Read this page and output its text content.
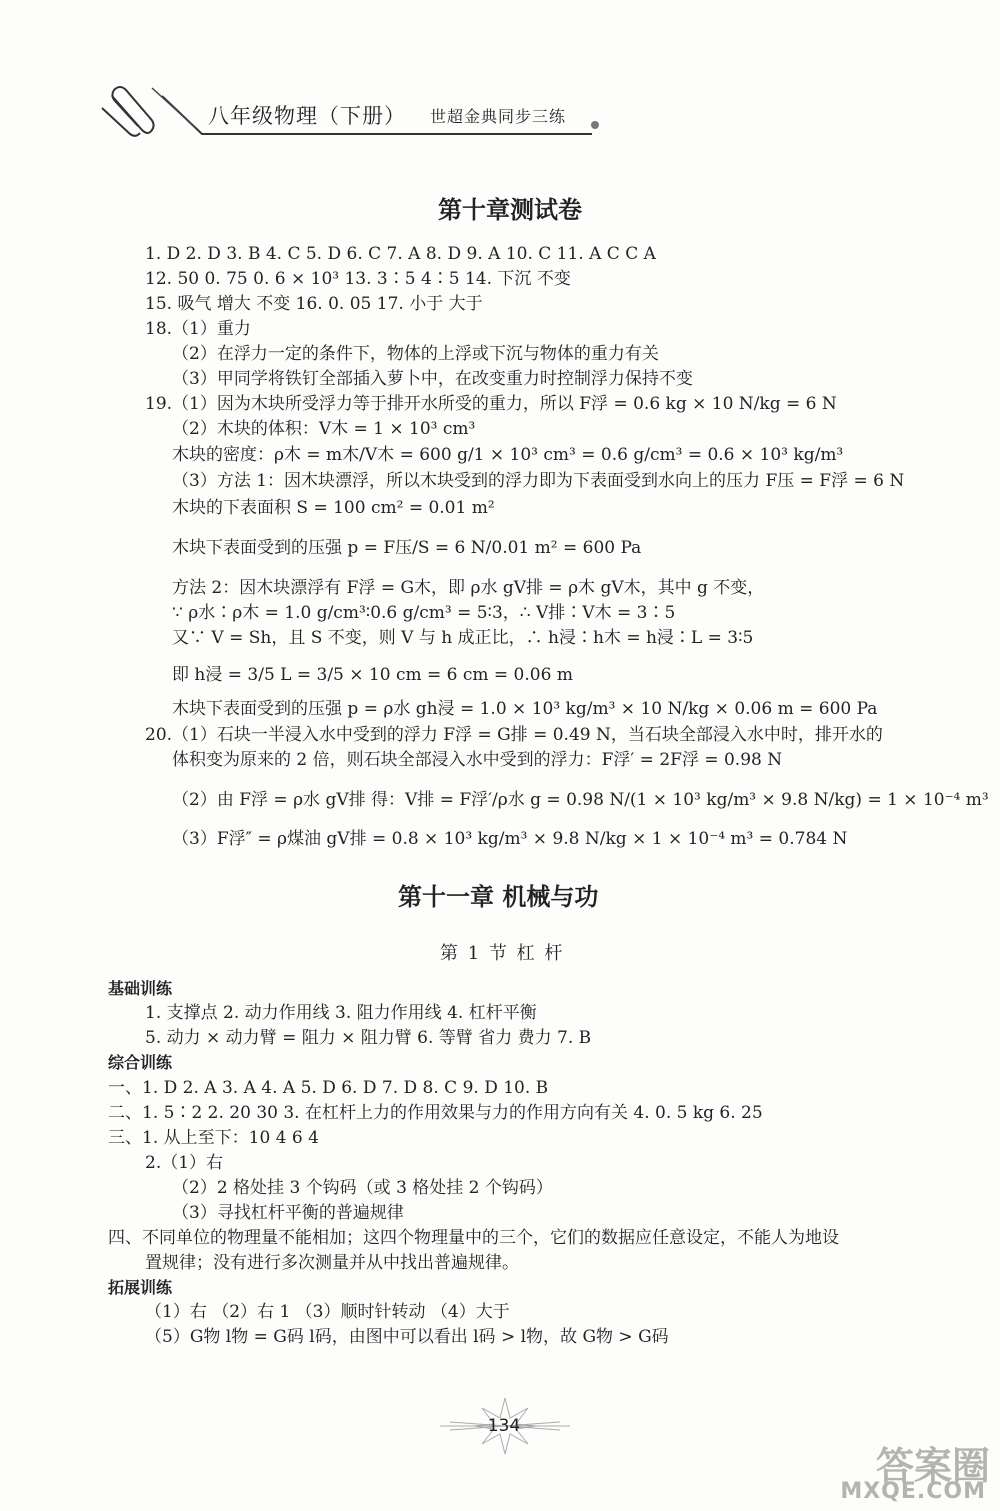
八年级物理（下册） 世超金典同步三练
第十章测试卷
1. D 2. D 3. B 4. C 5. D 6. C 7. A 8. D 9. A 10. C 11. A C C A
12. 50 0. 75 0. 6 × 10³ 13. 3∶5 4∶5 14. 下沉 不变
15. 吸气 增大 不变 16. 0. 05 17. 小于 大于
18.（1）重力
（2）在浮力一定的条件下，物体的上浮或下沉与物体的重力有关
（3）甲同学将铁钉全部插入萝卜中，在改变重力时控制浮力保持不变
19.（1）因为木块所受浮力等于排开水所受的重力，所以 F浮 = 0.6 kg × 10 N/kg = 6 N
（2）木块的体积：V木 = 1 × 10³ cm³
木块的密度：ρ木 = m木/V木 = 600 g/1 × 10³ cm³ = 0.6 g/cm³ = 0.6 × 10³ kg/m³
（3）方法 1：因木块漂浮，所以木块受到的浮力即为下表面受到水向上的压力 F压 = F浮 = 6 N
木块的下表面积 S = 100 cm² = 0.01 m²
木块下表面受到的压强 p = F压/S = 6 N/0.01 m² = 600 Pa
方法 2：因木块漂浮有 F浮 = G木，即 ρ水 gV排 = ρ木 gV木，其中 g 不变，
∵ ρ水∶ρ木 = 1.0 g/cm³∶0.6 g/cm³ = 5∶3，∴ V排∶V木 = 3∶5
又∵ V = Sh，且 S 不变，则 V 与 h 成正比，∴ h浸∶h木 = h浸∶L = 3∶5
即 h浸 = 3/5 L = 3/5 × 10 cm = 6 cm = 0.06 m
木块下表面受到的压强 p = ρ水 gh浸 = 1.0 × 10³ kg/m³ × 10 N/kg × 0.06 m = 600 Pa
20.（1）石块一半浸入水中受到的浮力 F浮 = G排 = 0.49 N，当石块全部浸入水中时，排开水的
体积变为原来的 2 倍，则石块全部浸入水中受到的浮力：F浮′ = 2F浮 = 0.98 N
（2）由 F浮 = ρ水 gV排 得：V排 = F浮′/ρ水 g = 0.98 N/(1 × 10³ kg/m³ × 9.8 N/kg) = 1 × 10⁻⁴ m³
（3）F浮″ = ρ煤油 gV排 = 0.8 × 10³ kg/m³ × 9.8 N/kg × 1 × 10⁻⁴ m³ = 0.784 N
第十一章 机械与功
第 1 节 杠 杆
基础训练
1. 支撑点 2. 动力作用线 3. 阻力作用线 4. 杠杆平衡
5. 动力 × 动力臂 = 阻力 × 阻力臂 6. 等臂 省力 费力 7. B
综合训练
一、1. D 2. A 3. A 4. A 5. D 6. D 7. D 8. C 9. D 10. B
二、1. 5∶2 2. 20 30 3. 在杠杆上力的作用效果与力的作用方向有关 4. 0. 5 kg 6. 25
三、1. 从上至下：10 4 6 4
2.（1）右
（2）2 格处挂 3 个钩码（或 3 格处挂 2 个钩码）
（3）寻找杠杆平衡的普遍规律
四、不同单位的物理量不能相加；这四个物理量中的三个，它们的数据应任意设定，不能人为地设
置规律；没有进行多次测量并从中找出普遍规律。
拓展训练
（1）右 （2）右 1 （3）顺时针转动 （4）大于
（5）G物 l物 = G码 l码，由图中可以看出 l码 > l物，故 G物 > G码
134
答案圈
MXQE.COM
